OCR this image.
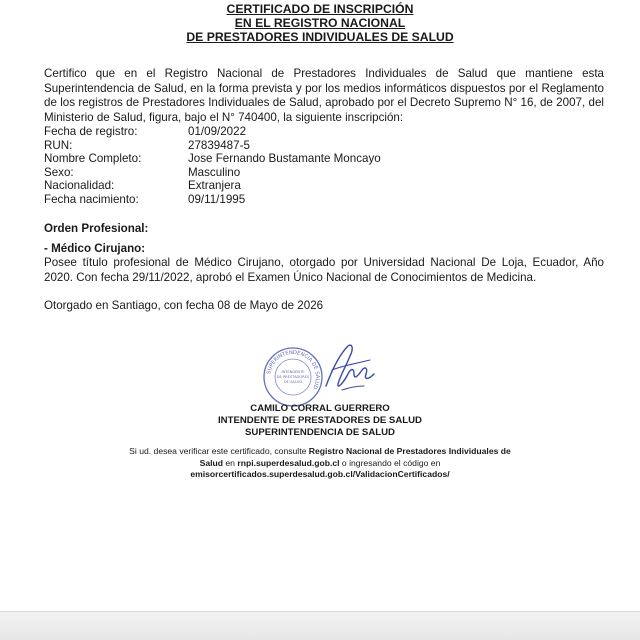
CERTIFICADO DE INSCRIPCIÓN
EN EL REGISTRO NACIONAL
DE PRESTADORES INDIVIDUALES DE SALUD
Certifico que en el Registro Nacional de Prestadores Individuales de Salud que mantiene esta Superintendencia de Salud, en la forma prevista y por los medios informáticos dispuestos por el Reglamento de los registros de Prestadores Individuales de Salud, aprobado por el Decreto Supremo N° 16, de 2007, del Ministerio de Salud, figura, bajo el N° 740400, la siguiente inscripción:
Fecha de registro:	01/09/2022
RUN:	27839487-5
Nombre Completo:	Jose Fernando Bustamante Moncayo
Sexo:	Masculino
Nacionalidad:	Extranjera
Fecha nacimiento:	09/11/1995
Orden Profesional:
- Médico Cirujano:
Posee título profesional de Médico Cirujano, otorgado por Universidad Nacional De Loja, Ecuador, Año 2020. Con fecha 29/11/2022, aprobó el Examen Único Nacional de Conocimientos de Medicina.
Otorgado en Santiago, con fecha 08 de Mayo de 2026
SUPERINTENDENCIA DE SALUD
INTENDENTE
DE PRESTADORES
DE SALUD
CAMILO CORRAL GUERRERO
INTENDENTE DE PRESTADORES DE SALUD
SUPERINTENDENCIA DE SALUD
Si ud. desea verificar este certificado, consulte Registro Nacional de Prestadores Individuales de Salud en rnpi.superdesalud.gob.cl o ingresando el código en emisorcertificados.superdesalud.gob.cl/ValidacionCertificados/
